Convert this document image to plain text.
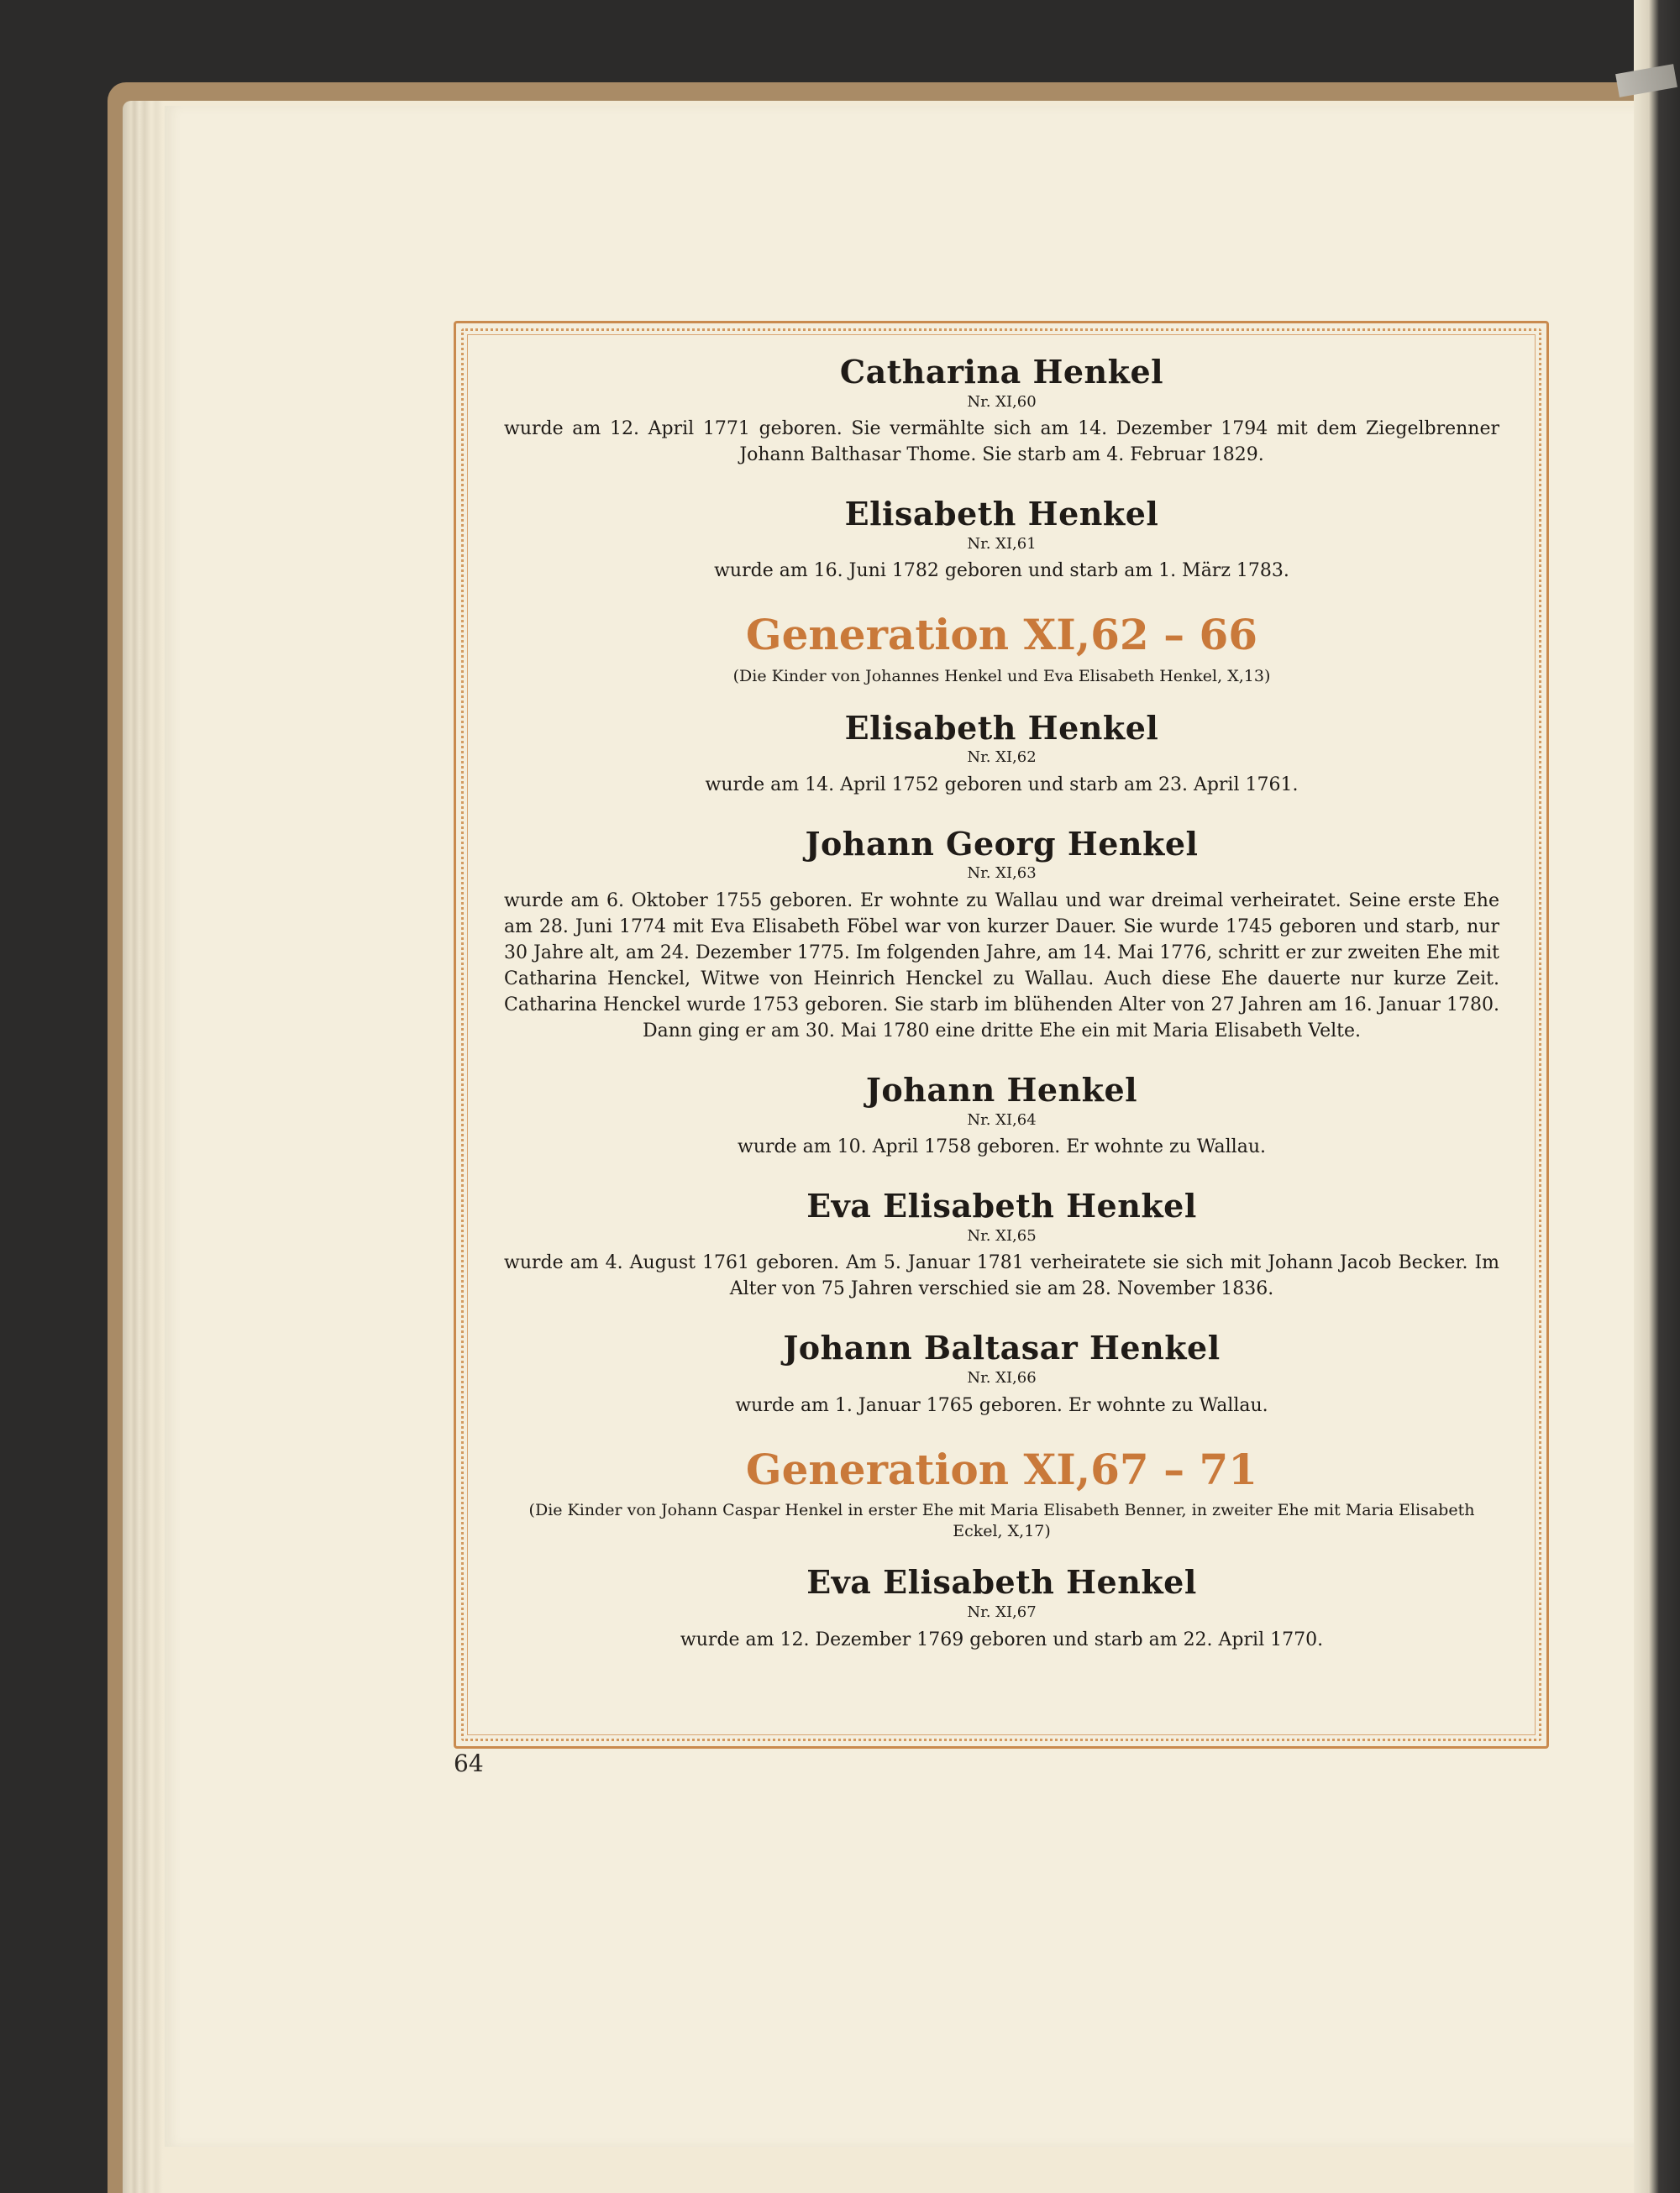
Catharina Henkel

Nr. XI,60

wurde am 12. April 1771 geboren. Sie vermählte sich am 14. Dezember 1794 mit dem Ziegelbrenner Johann Balthasar Thome. Sie starb am 4. Februar 1829.

Elisabeth Henkel

Nr. XI,61

wurde am 16. Juni 1782 geboren und starb am 1. März 1783.

Generation XI,62 – 66

(Die Kinder von Johannes Henkel und Eva Elisabeth Henkel, X,13)

Elisabeth Henkel

Nr. XI,62

wurde am 14. April 1752 geboren und starb am 23. April 1761.

Johann Georg Henkel

Nr. XI,63

wurde am 6. Oktober 1755 geboren. Er wohnte zu Wallau und war dreimal verheiratet. Seine erste Ehe am 28. Juni 1774 mit Eva Elisabeth Föbel war von kurzer Dauer. Sie wurde 1745 geboren und starb, nur 30 Jahre alt, am 24. Dezember 1775. Im folgenden Jahre, am 14. Mai 1776, schritt er zur zweiten Ehe mit Catharina Henckel, Witwe von Heinrich Henckel zu Wallau. Auch diese Ehe dauerte nur kurze Zeit. Catharina Henckel wurde 1753 geboren. Sie starb im blühenden Alter von 27 Jahren am 16. Januar 1780. Dann ging er am 30. Mai 1780 eine dritte Ehe ein mit Maria Elisabeth Velte.

Johann Henkel

Nr. XI,64

wurde am 10. April 1758 geboren. Er wohnte zu Wallau.

Eva Elisabeth Henkel

Nr. XI,65

wurde am 4. August 1761 geboren. Am 5. Januar 1781 verheiratete sie sich mit Johann Jacob Becker. Im Alter von 75 Jahren verschied sie am 28. November 1836.

Johann Baltasar Henkel

Nr. XI,66

wurde am 1. Januar 1765 geboren. Er wohnte zu Wallau.

Generation XI,67 – 71

(Die Kinder von Johann Caspar Henkel in erster Ehe mit Maria Elisabeth Benner, in zweiter Ehe mit Maria Elisabeth Eckel, X,17)

Eva Elisabeth Henkel

Nr. XI,67

wurde am 12. Dezember 1769 geboren und starb am 22. April 1770.

64
